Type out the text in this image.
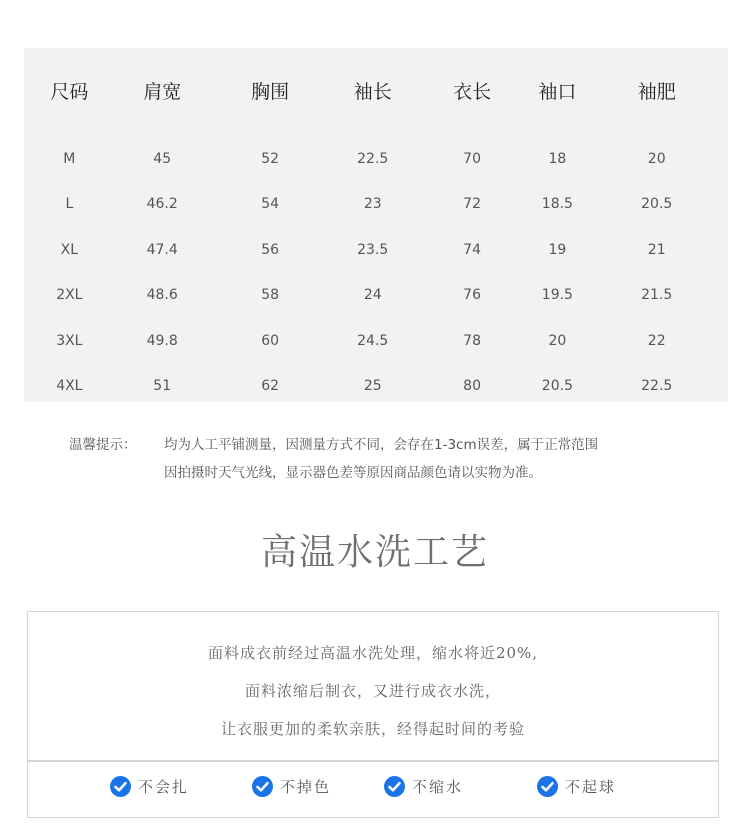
尺码	肩宽	胸围	袖长	衣长	袖口	袖肥
M	45	52	22.5	70	18	20
L	46.2	54	23	72	18.5	20.5
XL	47.4	56	23.5	74	19	21
2XL	48.6	58	24	76	19.5	21.5
3XL	49.8	60	24.5	78	20	22
4XL	51	62	25	80	20.5	22.5
温馨提示： 均为人工平铺测量，因测量方式不同，会存在1-3cm误差，属于正常范围
因拍摄时天气光线，显示器色差等原因商品颜色请以实物为准。
高温水洗工艺
面料成衣前经过高温水洗处理，缩水将近20%,
面料浓缩后制衣，又进行成衣水洗，
让衣服更加的柔软亲肤，经得起时间的考验
不会扎	不掉色	不缩水	不起球
